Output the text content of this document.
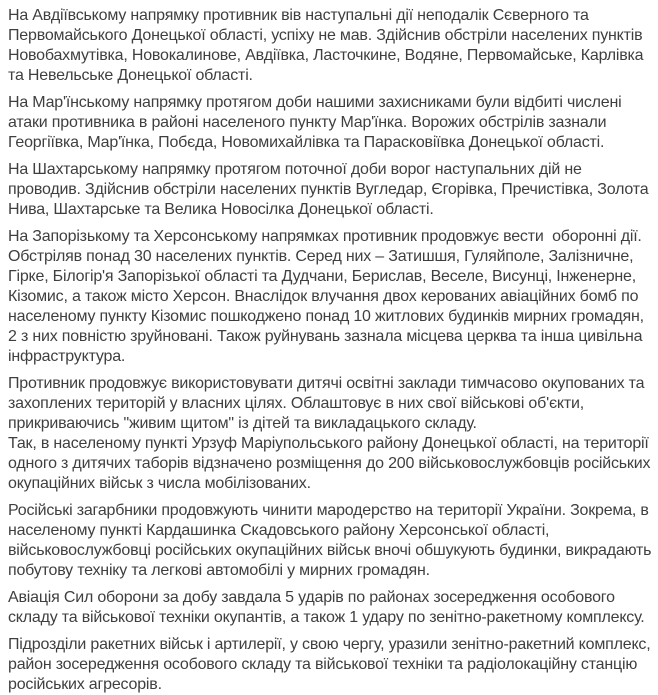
На Авдіївському напрямку противник вів наступальні дії неподалік Сєверного та Первомайського Донецької області, успіху не мав. Здійснив обстріли населених пунктів Новобахмутівка, Новокалинове, Авдіївка, Ласточкине, Водяне, Первомайське, Карлівка та Невельське Донецької області.

На Мар'їнському напрямку протягом доби нашими захисниками були відбиті числені атаки противника в районі населеного пункту Мар'їнка. Ворожих обстрілів зазнали Георгіївка, Мар'їнка, Побєда, Новомихайлівка та Парасковіївка Донецької області.

На Шахтарському напрямку протягом поточної доби ворог наступальних дій не проводив. Здійснив обстріли населених пунктів Вугледар, Єгорівка, Пречистівка, Золота Нива, Шахтарське та Велика Новосілка Донецької області.

На Запорізькому та Херсонському напрямках противник продовжує вести  оборонні дії. Обстріляв понад 30 населених пунктів. Серед них – Затишшя, Гуляйполе, Залізничне, Гірке, Білогір'я Запорізької області та Дудчани, Берислав, Веселе, Висунці, Інженерне, Кізомис, а також місто Херсон. Внаслідок влучання двох керованих авіаційних бомб по населеному пункту Кізомис пошкоджено понад 10 житлових будинків мирних громадян, 2 з них повністю зруйновані. Також руйнувань зазнала місцева церква та інша цивільна інфраструктура.

Противник продовжує використовувати дитячі освітні заклади тимчасово окупованих та захоплених територій у власних цілях. Облаштовує в них свої військові об'єкти, прикриваючись "живим щитом" із дітей та викладацького складу.

Так, в населеному пункті Урзуф Маріупольського району Донецької області, на території одного з дитячих таборів відзначено розміщення до 200 військовослужбовців російських окупаційних військ з числа мобілізованих.

Російські загарбники продовжують чинити мародерство на території України. Зокрема, в населеному пункті Кардашинка Скадовського району Херсонської області, військовослужбовці російських окупаційних військ вночі обшукують будинки, викрадають побутову техніку та легкові автомобілі у мирних громадян.

Авіація Сил оборони за добу завдала 5 ударів по районах зосередження особового складу та військової техніки окупантів, а також 1 удару по зенітно-ракетному комплексу.

Підрозділи ракетних військ і артилерії, у свою чергу, уразили зенітно-ракетний комплекс, район зосередження особового складу та військової техніки та радіолокаційну станцію російських агресорів.
